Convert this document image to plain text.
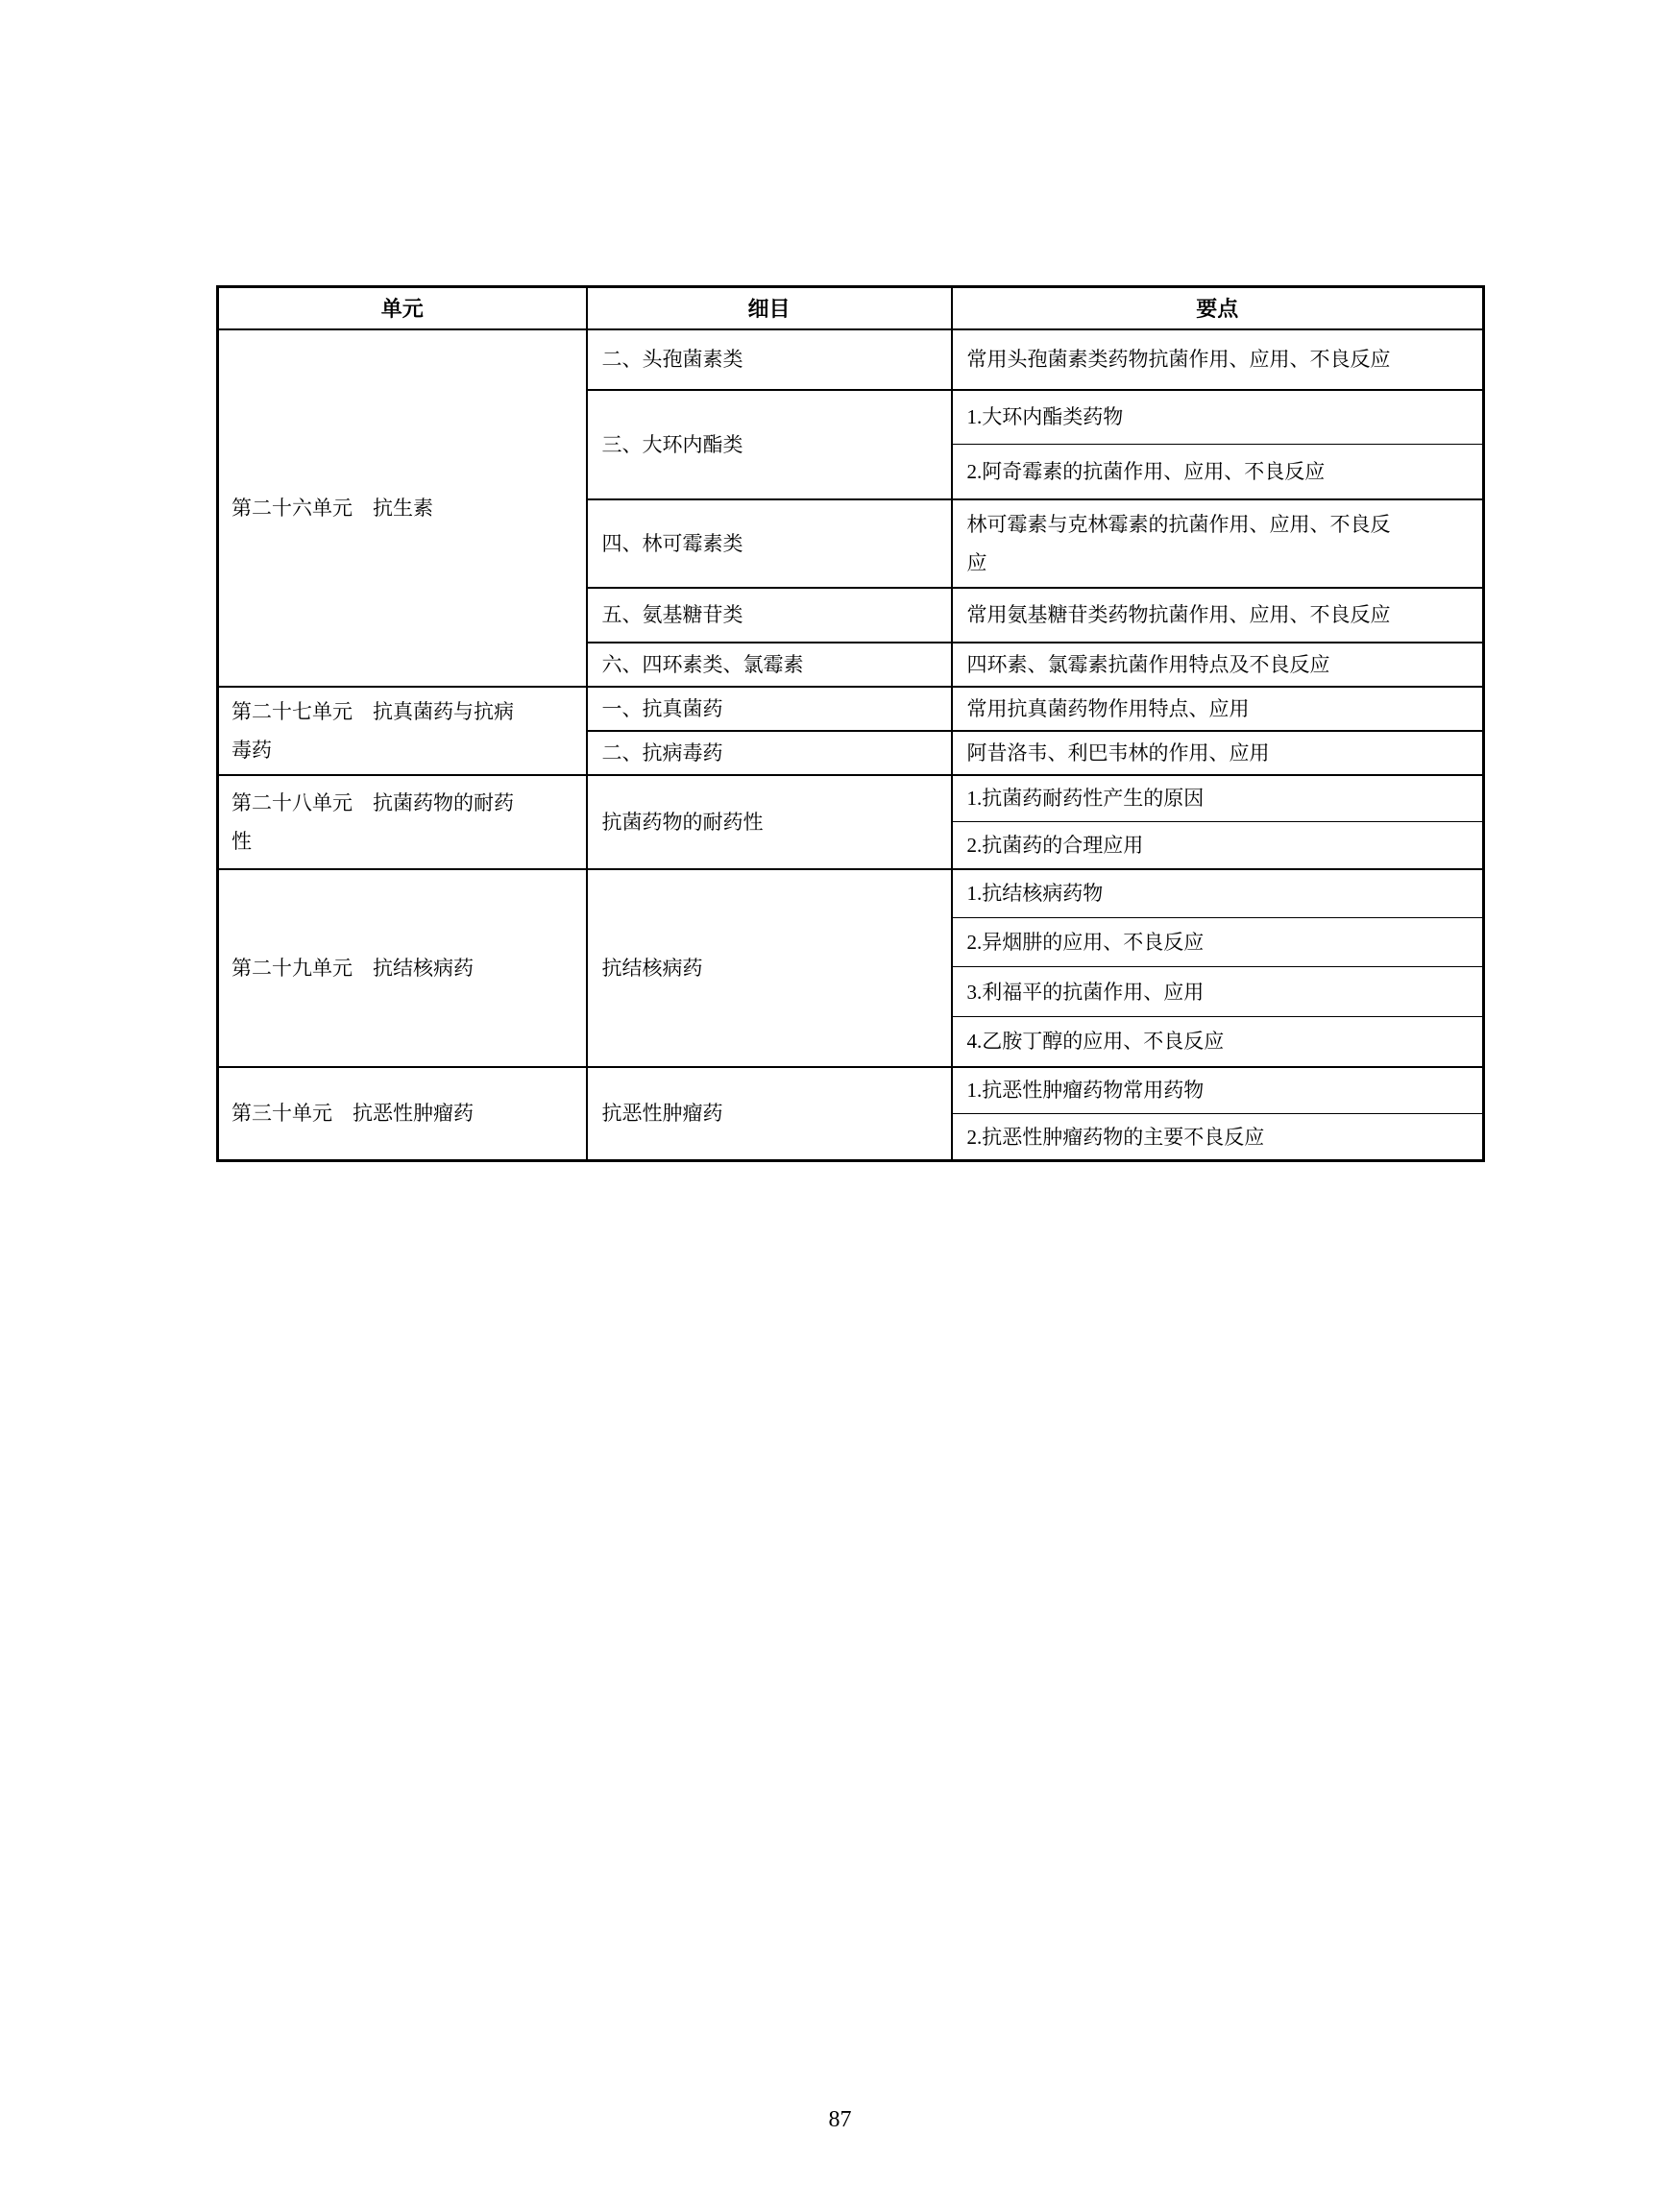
单元	细目	要点
第二十六单元　抗生素	二、头孢菌素类	常用头孢菌素类药物抗菌作用、应用、不良反应
	三、大环内酯类	1.大环内酯类药物
		2.阿奇霉素的抗菌作用、应用、不良反应
	四、林可霉素类	林可霉素与克林霉素的抗菌作用、应用、不良反应
	五、氨基糖苷类	常用氨基糖苷类药物抗菌作用、应用、不良反应
	六、四环素类、氯霉素	四环素、氯霉素抗菌作用特点及不良反应
第二十七单元　抗真菌药与抗病毒药	一、抗真菌药	常用抗真菌药物作用特点、应用
	二、抗病毒药	阿昔洛韦、利巴韦林的作用、应用
第二十八单元　抗菌药物的耐药性	抗菌药物的耐药性	1.抗菌药耐药性产生的原因
		2.抗菌药的合理应用
第二十九单元　抗结核病药	抗结核病药	1.抗结核病药物
		2.异烟肼的应用、不良反应
		3.利福平的抗菌作用、应用
		4.乙胺丁醇的应用、不良反应
第三十单元　抗恶性肿瘤药	抗恶性肿瘤药	1.抗恶性肿瘤药物常用药物
		2.抗恶性肿瘤药物的主要不良反应
87
